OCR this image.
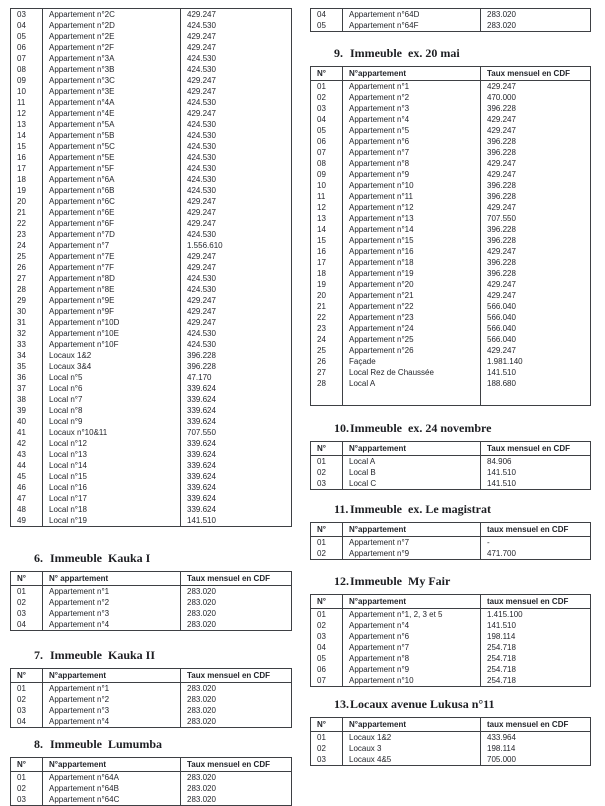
03	Appartement n°2C	429.247
04	Appartement n°2D	424.530
05	Appartement n°2E	429.247
06	Appartement n°2F	429.247
07	Appartement n°3A	424.530
08	Appartement n°3B	424.530
09	Appartement n°3C	429.247
10	Appartement n°3E	429.247
11	Appartement n°4A	424.530
12	Appartement n°4E	429.247
13	Appartement n°5A	424.530
14	Appartement n°5B	424.530
15	Appartement n°5C	424.530
16	Appartement n°5E	424.530
17	Appartement n°5F	424.530
18	Appartement n°6A	424.530
19	Appartement n°6B	424.530
20	Appartement n°6C	429.247
21	Appartement n°6E	429.247
22	Appartement n°6F	429.247
23	Appartement n°7D	424.530
24	Appartement n°7	1.556.610
25	Appartement n°7E	429.247
26	Appartement n°7F	429.247
27	Appartement n°8D	424.530
28	Appartement n°8E	424.530
29	Appartement n°9E	429.247
30	Appartement n°9F	429.247
31	Appartement n°10D	429.247
32	Appartement n°10E	424.530
33	Appartement n°10F	424.530
34	Locaux 1&2	396.228
35	Locaux 3&4	396.228
36	Local n°5	47.170
37	Local n°6	339.624
38	Local n°7	339.624
39	Local n°8	339.624
40	Local n°9	339.624
41	Locaux n°10&11	707.550
42	Local n°12	339.624
43	Local n°13	339.624
44	Local n°14	339.624
45	Local n°15	339.624
46	Local n°16	339.624
47	Local n°17	339.624
48	Local n°18	339.624
49	Local n°19	141.510
6. Immeuble  Kauka I
N°	N° appartement	Taux mensuel en CDF
01	Appartement n°1	283.020
02	Appartement n°2	283.020
03	Appartement n°3	283.020
04	Appartement n°4	283.020
7. Immeuble  Kauka II
N°	N°appartement	Taux mensuel en CDF
01	Appartement n°1	283.020
02	Appartement n°2	283.020
03	Appartement n°3	283.020
04	Appartement n°4	283.020
8. Immeuble  Lumumba
N°	N°appartement	Taux mensuel en CDF
01	Appartement n°64A	283.020
02	Appartement n°64B	283.020
03	Appartement n°64C	283.020
04	Appartement n°64D	283.020
05	Appartement n°64F	283.020
9. Immeuble  ex. 20 mai
N°	N°appartement	Taux mensuel en CDF
01	Appartement n°1	429.247
02	Appartement n°2	470.000
03	Appartement n°3	396.228
04	Appartement n°4	429.247
05	Appartement n°5	429.247
06	Appartement n°6	396.228
07	Appartement n°7	396.228
08	Appartement n°8	429.247
09	Appartement n°9	429.247
10	Appartement n°10	396.228
11	Appartement n°11	396.228
12	Appartement n°12	429.247
13	Appartement n°13	707.550
14	Appartement n°14	396.228
15	Appartement n°15	396.228
16	Appartement n°16	429.247
17	Appartement n°18	396.228
18	Appartement n°19	396.228
19	Appartement n°20	429.247
20	Appartement n°21	429.247
21	Appartement n°22	566.040
22	Appartement n°23	566.040
23	Appartement n°24	566.040
24	Appartement n°25	566.040
25	Appartement n°26	429.247
26	Façade	1.981.140
27	Local Rez de Chaussée	141.510
28	Local A	188.680

10.Immeuble  ex. 24 novembre
N°	N°appartement	Taux mensuel en CDF
01	Local A	84.906
02	Local B	141.510
03	Local C	141.510
11. Immeuble  ex. Le magistrat
N°	N°appartement	taux mensuel en CDF
01	Appartement n°7	-
02	Appartement n°9	471.700
12.Immeuble  My Fair
N°	N°appartement	taux mensuel en CDF
01	Appartement n°1, 2, 3 et 5	1.415.100
02	Appartement n°4	141.510
03	Appartement n°6	198.114
04	Appartement n°7	254.718
05	Appartement n°8	254.718
06	Appartement n°9	254.718
07	Appartement n°10	254.718
13.Locaux avenue Lukusa n°11
N°	N°appartement	taux mensuel en CDF
01	Locaux 1&2	433.964
02	Locaux 3	198.114
03	Locaux 4&5	705.000
